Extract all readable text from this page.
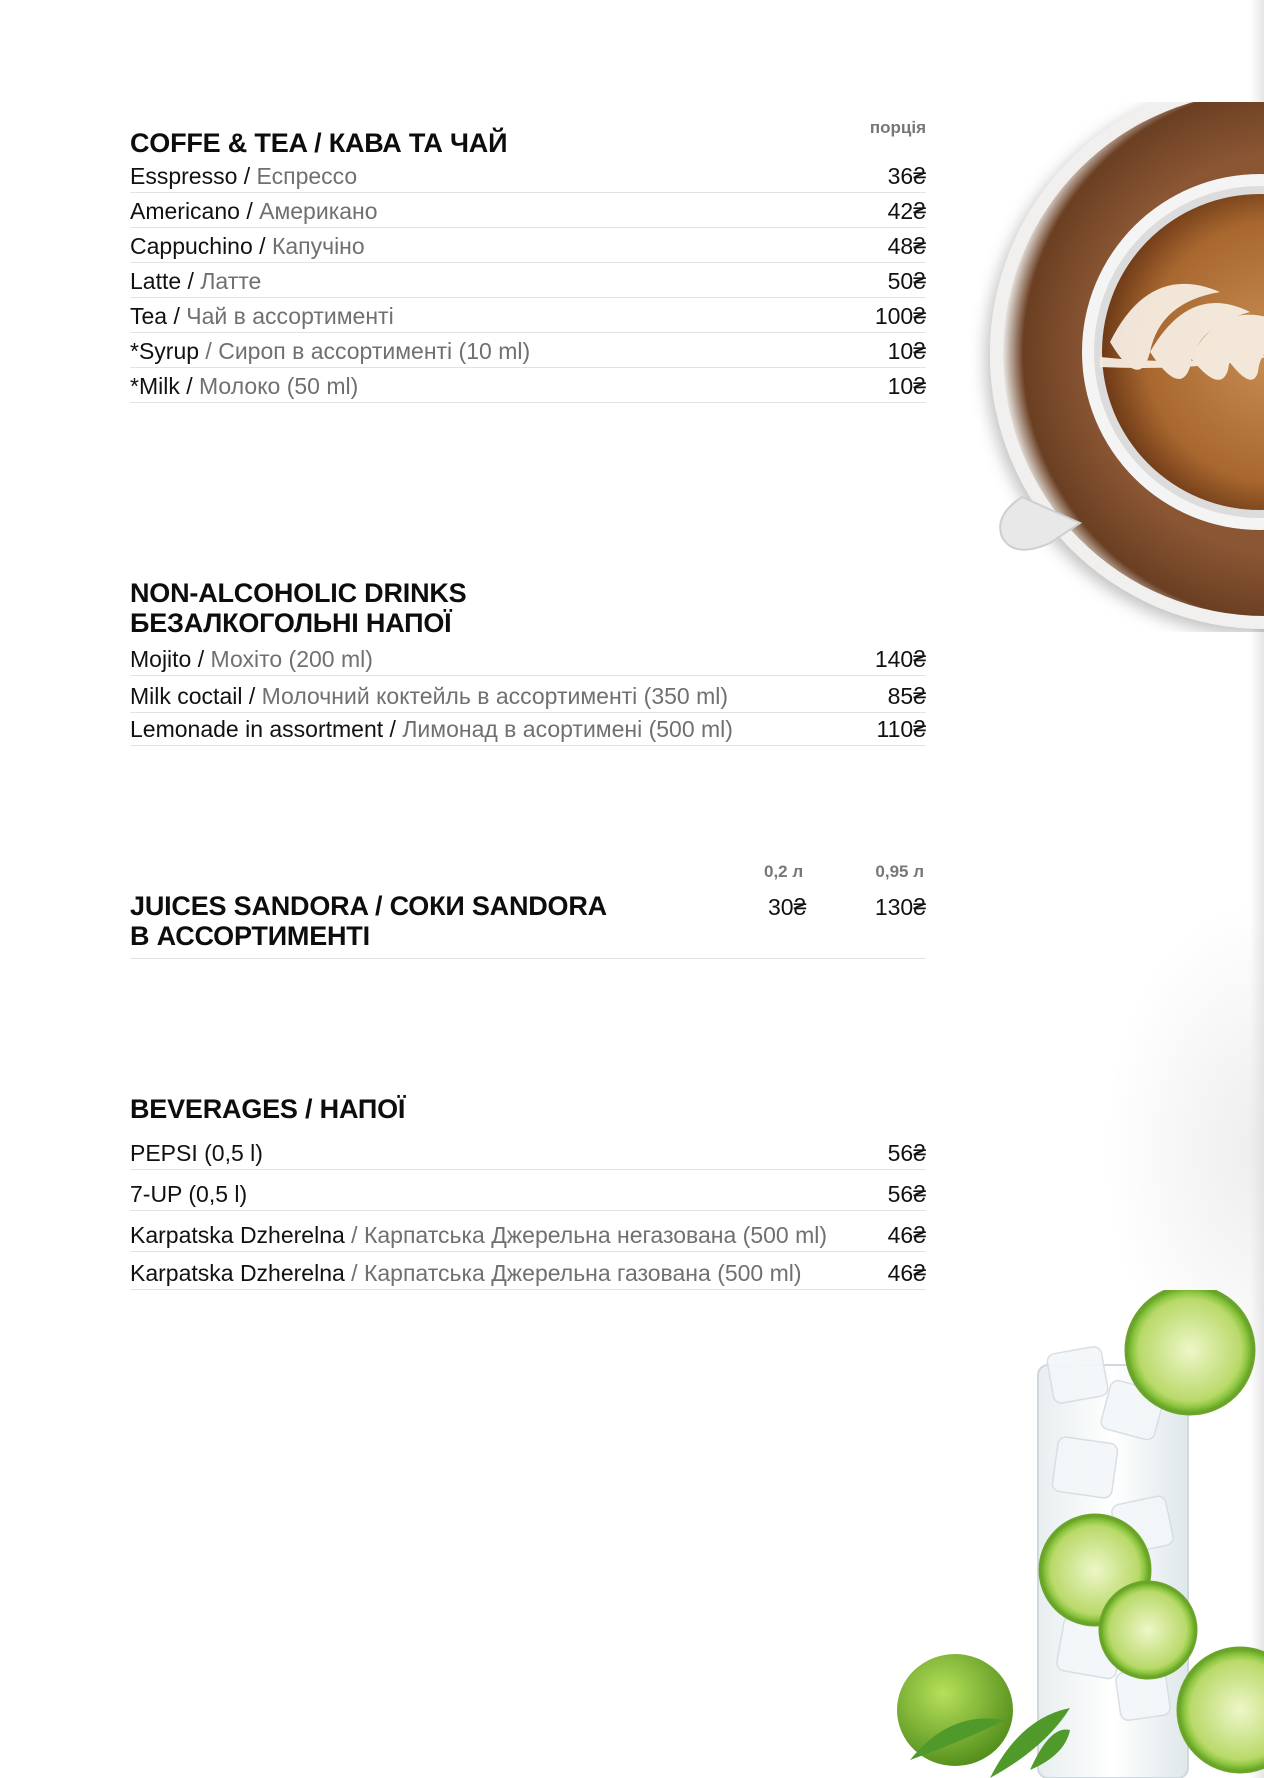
порція
COFFE & TEA / КАВА ТА ЧАЙ
Esspresso / Еспрессо	36₴
Americano / Американо	42₴
Cappuchino / Капучіно	48₴
Latte / Латте	50₴
Tea / Чай в ассортименті	100₴
*Syrup / Сироп в ассортименті (10 ml)	10₴
*Milk / Молоко (50 ml)	10₴
NON-ALCOHOLIC DRINKS
БЕЗАЛКОГОЛЬНІ НАПОЇ
Mojito / Мохіто (200 ml)	140₴
Milk coctail / Молочний коктейль в ассортименті (350 ml)	85₴
Lemonade in assortment / Лимонад в асортимені (500 ml)	110₴
0,2 л	0,95 л
JUICES SANDORA / СОКИ SANDORA
В АССОРТИМЕНТІ
30₴	130₴
BEVERAGES / НАПОЇ
PEPSI (0,5 l)	56₴
7-UP (0,5 l)	56₴
Karpatska Dzherelna / Карпатська Джерельна негазована (500 ml)	46₴
Karpatska Dzherelna / Карпатська Джерельна газована (500 ml)	46₴
